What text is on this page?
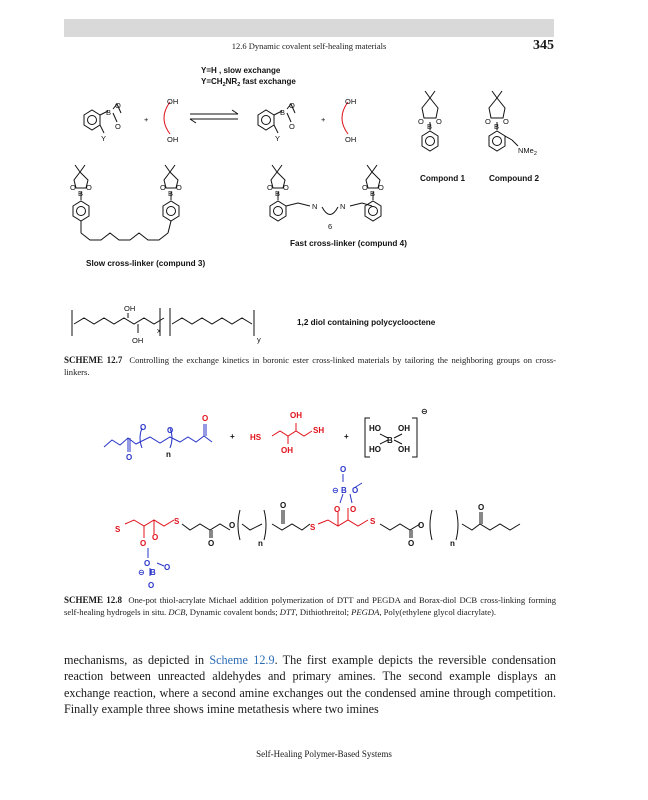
12.6 Dynamic covalent self-healing materials	345
Y=H , slow exchange
$Y=CH_2NR_2$ fast exchange
B
O
O
Y
+
OH
OH
B
O
O
Y
+
OH
OH
O O
B
O O
B
NMe$_2$
O O
B
O O
B
O O
B
O O
B
N	N
6
OH
OH
x
y
Compond 1	Compound 2
Slow cross-linker (compund 3)
Fast cross-linker (compund 4)
1,2 diol containing polycyclooctene
SCHEME 12.7 Controlling the exchange kinetics in boronic ester cross-linked materials by tailoring the neighboring groups on cross-linkers.
O	O
O
O	n
+ HS
SH
OH
OH
+
HO OH
B
HO OH
⊖
S
S
S
S
O
O
n
O
O
O
n
O
O
⊖ B O
O O
O
O
O
⊖ B
O
O
SCHEME 12.8 One-pot thiol-acrylate Michael addition polymerization of DTT and PEGDA and Borax-diol DCB cross-linking forming self-healing hydrogels in situ. DCB, Dynamic covalent bonds; DTT, Dithiothreitol; PEGDA, Poly(ethylene glycol diacrylate).
mechanisms, as depicted in Scheme 12.9. The first example depicts the reversible condensation reaction between unreacted aldehydes and primary amines. The second example displays an exchange reaction, where a second amine exchanges out the condensed amine through competition. Finally example three shows imine metathesis where two imines
Self-Healing Polymer-Based Systems
